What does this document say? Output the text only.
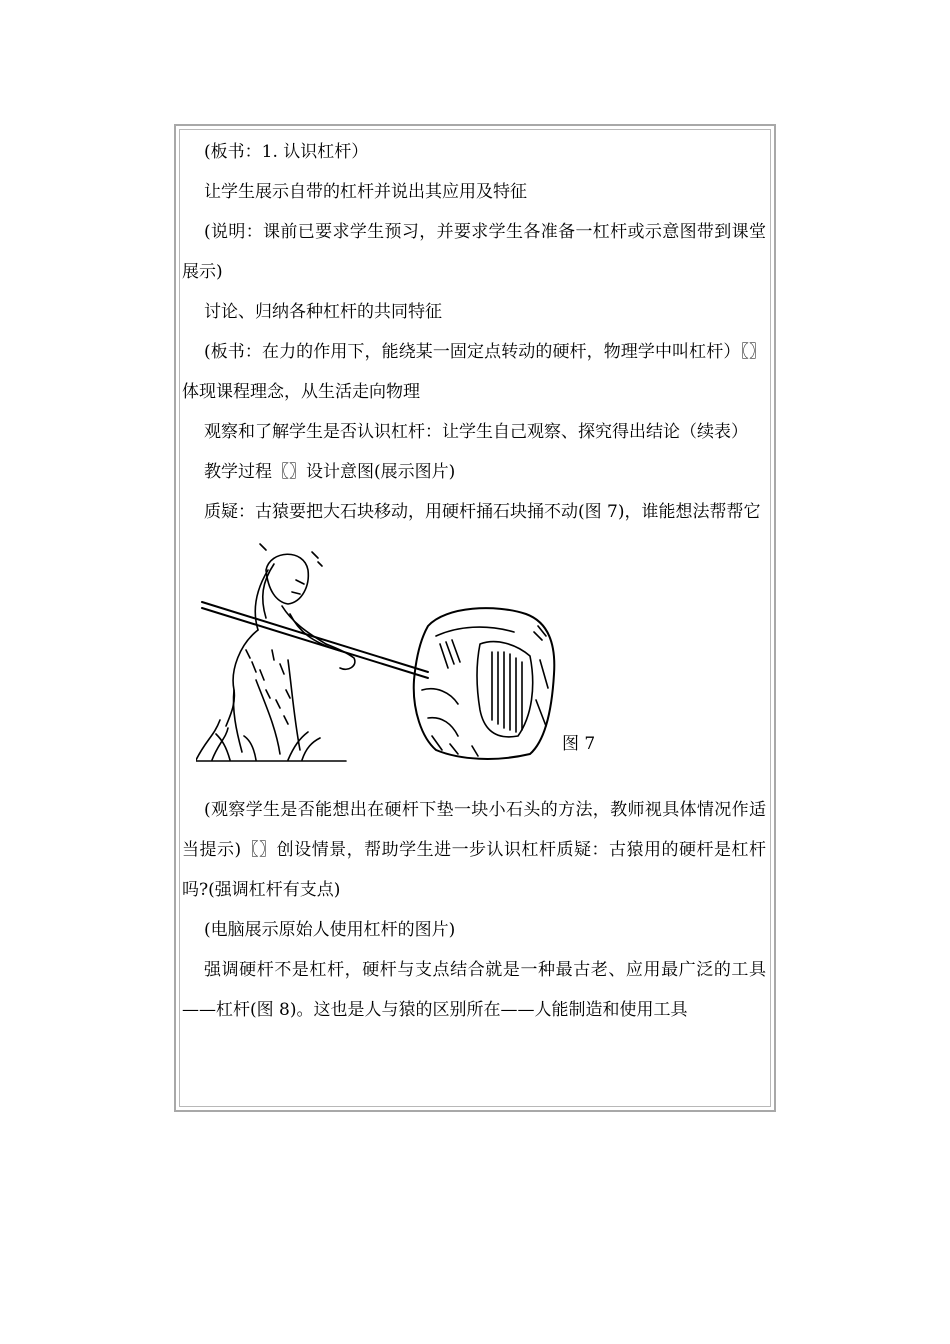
(板书：1. 认识杠杆）

让学生展示自带的杠杆并说出其应用及特征

(说明：课前已要求学生预习，并要求学生各准备一杠杆或示意图带到课堂展示)

讨论、归纳各种杠杆的共同特征

(板书：在力的作用下，能绕某一固定点转动的硬杆，物理学中叫杠杆）〖〗体现课程理念，从生活走向物理

观察和了解学生是否认识杠杆：让学生自己观察、探究得出结论（续表）

教学过程〖〗设计意图(展示图片)

质疑：古猿要把大石块移动，用硬杆捅石块捅不动(图 7)，谁能想法帮帮它

图 7

(观察学生是否能想出在硬杆下垫一块小石头的方法，教师视具体情况作适当提示)〖〗创设情景，帮助学生进一步认识杠杆质疑：古猿用的硬杆是杠杆吗?(强调杠杆有支点)

(电脑展示原始人使用杠杆的图片)

强调硬杆不是杠杆，硬杆与支点结合就是一种最古老、应用最广泛的工具——杠杆(图 8)。这也是人与猿的区别所在——人能制造和使用工具
